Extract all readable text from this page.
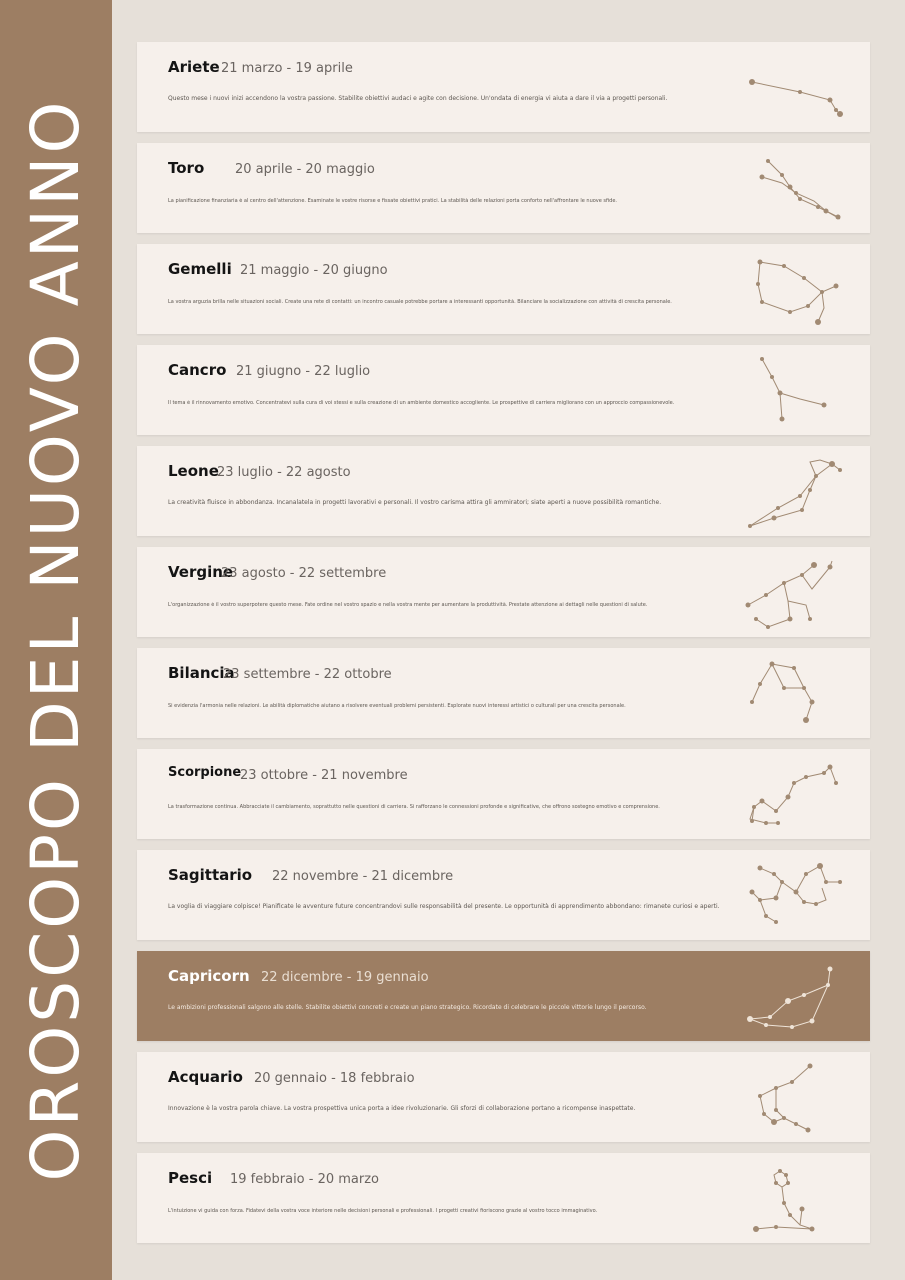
OROSCOPO DEL NUOVO ANNO
Ariete 21 marzo - 19 aprile
Questo mese i nuovi inizi accendono la vostra passione. Stabilite obiettivi audaci e agite con decisione. Un'ondata di energia vi aiuta a dare il via a progetti personali.
Toro 20 aprile - 20 maggio
La pianificazione finanziaria è al centro dell'attenzione. Esaminate le vostre risorse e fissate obiettivi pratici. La stabilità delle relazioni porta conforto nell'affrontare le nuove sfide.
Gemelli 21 maggio - 20 giugno
La vostra arguzia brilla nelle situazioni sociali. Create una rete di contatti: un incontro casuale potrebbe portare a interessanti opportunità. Bilanciare la socializzazione con attività di crescita personale.
Cancro 21 giugno - 22 luglio
Il tema è il rinnovamento emotivo. Concentratevi sulla cura di voi stessi e sulla creazione di un ambiente domestico accogliente. Le prospettive di carriera migliorano con un approccio compassionevole.
Leone
23 luglio - 22 agosto
La creatività fluisce in abbondanza. Incanalatela in progetti lavorativi e personali. Il vostro carisma attira gli ammiratori; siate aperti a nuove possibilità romantiche.
Vergine
23 agosto - 22 settembre
L'organizzazione è il vostro superpotere questo mese. Fate ordine nel vostro spazio e nella vostra mente per aumentare la produttività. Prestate attenzione ai dettagli nelle questioni di salute.
Bilancia
23 settembre - 22 ottobre
Si evidenzia l'armonia nelle relazioni. Le abilità diplomatiche aiutano a risolvere eventuali problemi persistenti. Esplorate nuovi interessi artistici o culturali per una crescita personale.
Scorpione
23 ottobre - 21 novembre
La trasformazione continua. Abbracciate il cambiamento, soprattutto nelle questioni di carriera. Si rafforzano le connessioni profonde e significative, che offrono sostegno emotivo e comprensione.
Sagittario 22 novembre - 21 dicembre
La voglia di viaggiare colpisce! Pianificate le avventure future concentrandovi sulle responsabilità del presente. Le opportunità di apprendimento abbondano: rimanete curiosi e aperti.
Capricorn 22 dicembre - 19 gennaio
Le ambizioni professionali salgono alle stelle. Stabilite obiettivi concreti e create un piano strategico. Ricordate di celebrare le piccole vittorie lungo il percorso.
Acquario 20 gennaio - 18 febbraio
Innovazione è la vostra parola chiave. La vostra prospettiva unica porta a idee rivoluzionarie. Gli sforzi di collaborazione portano a ricompense inaspettate.
Pesci 19 febbraio - 20 marzo
L'intuizione vi guida con forza. Fidatevi della vostra voce interiore nelle decisioni personali e professionali. I progetti creativi fioriscono grazie al vostro tocco immaginativo.
